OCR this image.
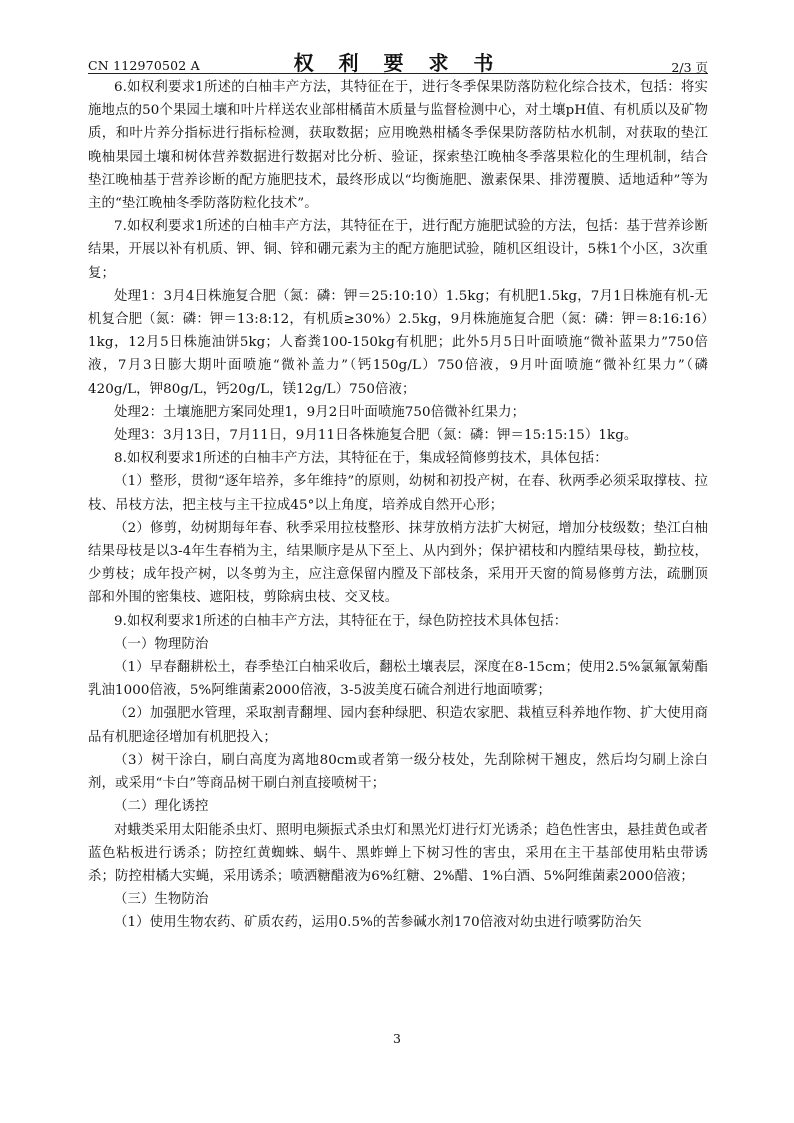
CN 112970502 A	权 利 要 求 书	2/3 页

6.如权利要求1所述的白柚丰产方法，其特征在于，进行冬季保果防落防粒化综合技术，包括：将实施地点的50个果园土壤和叶片样送农业部柑橘苗木质量与监督检测中心，对土壤pH值、有机质以及矿物质，和叶片养分指标进行指标检测，获取数据；应用晚熟柑橘冬季保果防落防枯水机制，对获取的垫江晚柚果园土壤和树体营养数据进行数据对比分析、验证，探索垫江晚柚冬季落果粒化的生理机制，结合垫江晚柚基于营养诊断的配方施肥技术，最终形成以“均衡施肥、激素保果、排涝覆膜、适地适种”等为主的“垫江晚柚冬季防落防粒化技术”。

7.如权利要求1所述的白柚丰产方法，其特征在于，进行配方施肥试验的方法，包括：基于营养诊断结果，开展以补有机质、钾、铜、锌和硼元素为主的配方施肥试验，随机区组设计，5株1个小区，3次重复；

处理1：3月4日株施复合肥（氮：磷：钾＝25:10:10）1.5kg；有机肥1.5kg，7月1日株施有机-无机复合肥（氮：磷：钾＝13:8:12，有机质≥30%）2.5kg，9月株施施复合肥（氮：磷：钾＝8:16:16）1kg，12月5日株施油饼5kg；人畜粪100-150kg有机肥；此外5月5日叶面喷施“微补蓝果力”750倍液，7月3日膨大期叶面喷施“微补盖力”（钙150g/L）750倍液，9月叶面喷施“微补红果力”（磷420g/L，钾80g/L，钙20g/L，镁12g/L）750倍液；

处理2：土壤施肥方案同处理1，9月2日叶面喷施750倍微补红果力；

处理3：3月13日，7月11日，9月11日各株施复合肥（氮：磷：钾＝15:15:15）1kg。

8.如权利要求1所述的白柚丰产方法，其特征在于，集成轻简修剪技术，具体包括：

（1）整形，贯彻“逐年培养，多年维持”的原则，幼树和初投产树，在春、秋两季必须采取撑枝、拉枝、吊枝方法，把主枝与主干拉成45°以上角度，培养成自然开心形；

（2）修剪，幼树期每年春、秋季采用拉枝整形、抹芽放梢方法扩大树冠，增加分枝级数；垫江白柚结果母枝是以3-4年生春梢为主，结果顺序是从下至上、从内到外；保护裙枝和内膛结果母枝，勤拉枝，少剪枝；成年投产树，以冬剪为主，应注意保留内膛及下部枝条，采用开天窗的简易修剪方法，疏删顶部和外围的密集枝、遮阳枝，剪除病虫枝、交叉枝。

9.如权利要求1所述的白柚丰产方法，其特征在于，绿色防控技术具体包括：

（一）物理防治

（1）早春翻耕松土，春季垫江白柚采收后，翻松土壤表层，深度在8-15cm；使用2.5%氯氟氰菊酯乳油1000倍液，5%阿维菌素2000倍液，3-5波美度石硫合剂进行地面喷雾；

（2）加强肥水管理，采取割青翻埋、园内套种绿肥、积造农家肥、栽植豆科养地作物、扩大使用商品有机肥途径增加有机肥投入；

（3）树干涂白，刷白高度为离地80cm或者第一级分枝处，先刮除树干翘皮，然后均匀刷上涂白剂，或采用“卡白”等商品树干刷白剂直接喷树干；

（二）理化诱控

对蛾类采用太阳能杀虫灯、照明电频振式杀虫灯和黑光灯进行灯光诱杀；趋色性害虫，悬挂黄色或者蓝色粘板进行诱杀；防控红黄蜘蛛、蜗牛、黑蚱蝉上下树习性的害虫，采用在主干基部使用粘虫带诱杀；防控柑橘大实蝇，采用诱杀；喷洒糖醋液为6%红糖、2%醋、1%白酒、5%阿维菌素2000倍液；

（三）生物防治

（1）使用生物农药、矿质农药，运用0.5%的苦参碱水剂170倍液对幼虫进行喷雾防治矢

3
